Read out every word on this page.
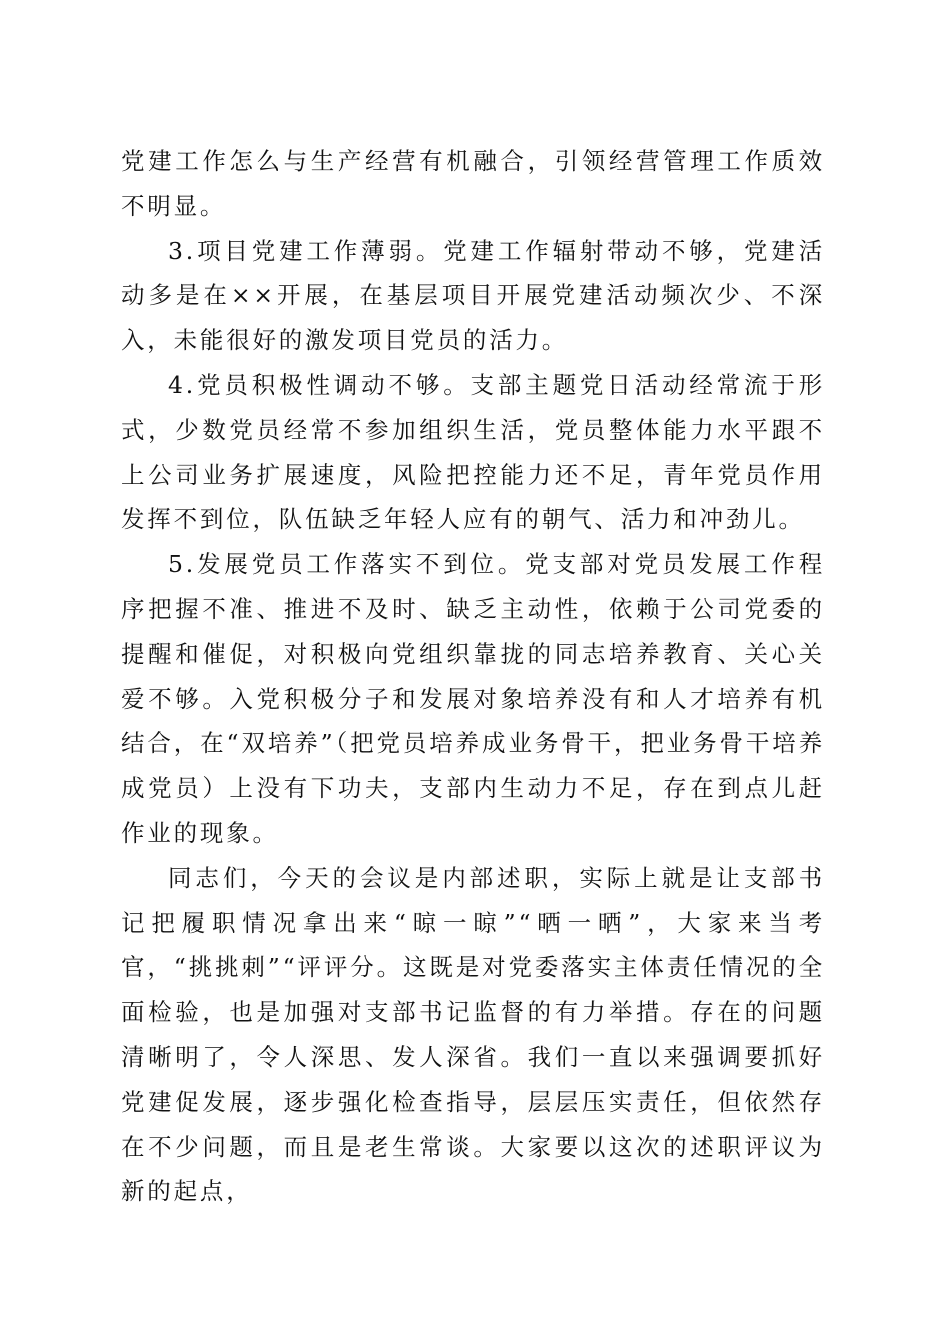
党建工作怎么与生产经营有机融合，引领经营管理工作质效不明显。

3.项目党建工作薄弱。党建工作辐射带动不够，党建活动多是在××开展，在基层项目开展党建活动频次少、不深入，未能很好的激发项目党员的活力。

4.党员积极性调动不够。支部主题党日活动经常流于形式，少数党员经常不参加组织生活，党员整体能力水平跟不上公司业务扩展速度，风险把控能力还不足，青年党员作用发挥不到位，队伍缺乏年轻人应有的朝气、活力和冲劲儿。

5.发展党员工作落实不到位。党支部对党员发展工作程序把握不准、推进不及时、缺乏主动性，依赖于公司党委的提醒和催促，对积极向党组织靠拢的同志培养教育、关心关爱不够。入党积极分子和发展对象培养没有和人才培养有机结合，在“双培养”（把党员培养成业务骨干，把业务骨干培养成党员）上没有下功夫，支部内生动力不足，存在到点儿赶作业的现象。

同志们，今天的会议是内部述职，实际上就是让支部书记把履职情况拿出来“晾一晾”“晒一晒”，大家来当考官，“挑挑刺”“评评分。这既是对党委落实主体责任情况的全面检验，也是加强对支部书记监督的有力举措。存在的问题清晰明了，令人深思、发人深省。我们一直以来强调要抓好党建促发展，逐步强化检查指导，层层压实责任，但依然存在不少问题，而且是老生常谈。大家要以这次的述职评议为新的起点，
